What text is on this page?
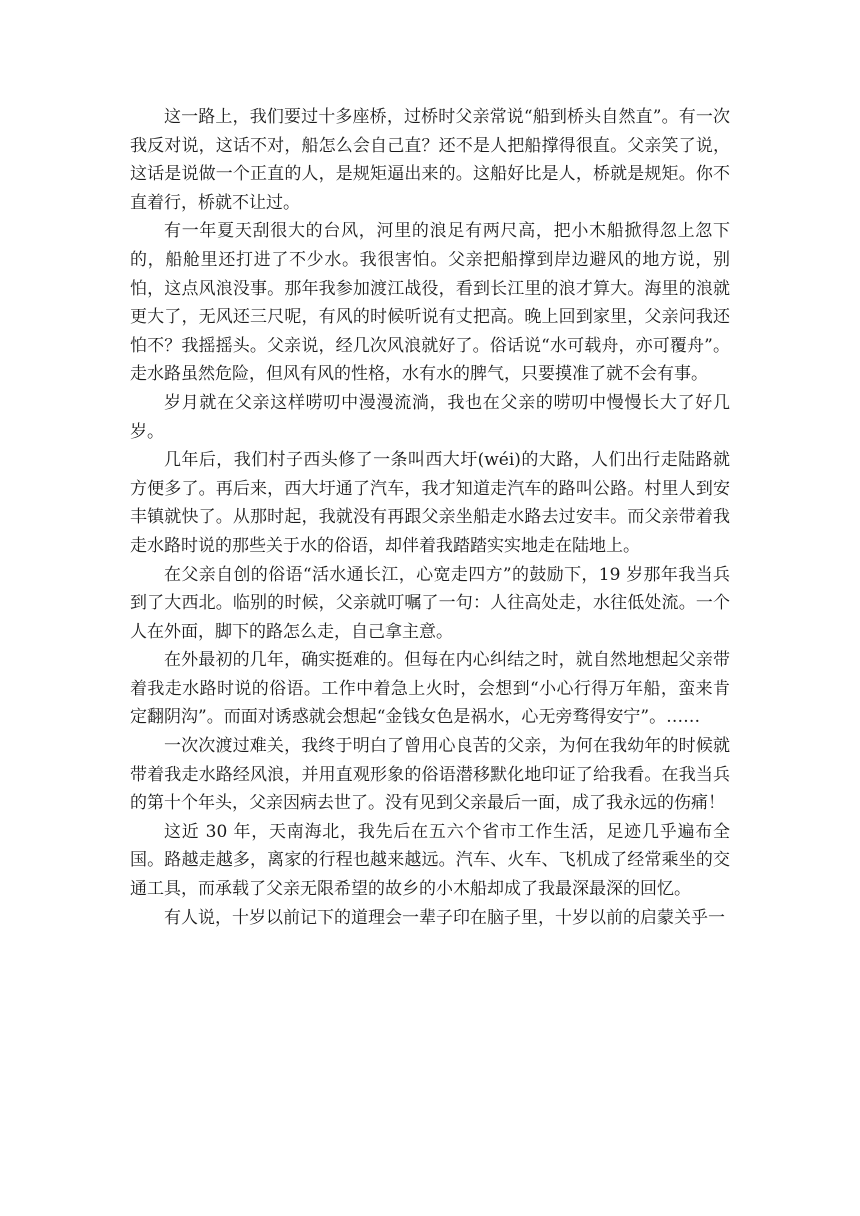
这一路上，我们要过十多座桥，过桥时父亲常说“船到桥头自然直”。有一次我反对说，这话不对，船怎么会自己直？还不是人把船撑得很直。父亲笑了说，这话是说做一个正直的人，是规矩逼出来的。这船好比是人，桥就是规矩。你不直着行，桥就不让过。

有一年夏天刮很大的台风，河里的浪足有两尺高，把小木船掀得忽上忽下的，船舱里还打进了不少水。我很害怕。父亲把船撑到岸边避风的地方说，别怕，这点风浪没事。那年我参加渡江战役，看到长江里的浪才算大。海里的浪就更大了，无风还三尺呢，有风的时候听说有丈把高。晚上回到家里，父亲问我还怕不？我摇摇头。父亲说，经几次风浪就好了。俗话说“水可载舟，亦可覆舟”。走水路虽然危险，但风有风的性格，水有水的脾气，只要摸准了就不会有事。

岁月就在父亲这样唠叨中漫漫流淌，我也在父亲的唠叨中慢慢长大了好几岁。

几年后，我们村子西头修了一条叫西大圩(wéi)的大路，人们出行走陆路就方便多了。再后来，西大圩通了汽车，我才知道走汽车的路叫公路。村里人到安丰镇就快了。从那时起，我就没有再跟父亲坐船走水路去过安丰。而父亲带着我走水路时说的那些关于水的俗语，却伴着我踏踏实实地走在陆地上。

在父亲自创的俗语“活水通长江，心宽走四方”的鼓励下，19 岁那年我当兵到了大西北。临别的时候，父亲就叮嘱了一句：人往高处走，水往低处流。一个人在外面，脚下的路怎么走，自己拿主意。

在外最初的几年，确实挺难的。但每在内心纠结之时，就自然地想起父亲带着我走水路时说的俗语。工作中着急上火时，会想到“小心行得万年船，蛮来肯定翻阴沟”。而面对诱惑就会想起“金钱女色是祸水，心无旁骛得安宁”。……

一次次渡过难关，我终于明白了曾用心良苦的父亲，为何在我幼年的时候就带着我走水路经风浪，并用直观形象的俗语潜移默化地印证了给我看。在我当兵的第十个年头，父亲因病去世了。没有见到父亲最后一面，成了我永远的伤痛！

这近 30 年，天南海北，我先后在五六个省市工作生活，足迹几乎遍布全国。路越走越多，离家的行程也越来越远。汽车、火车、飞机成了经常乘坐的交通工具，而承载了父亲无限希望的故乡的小木船却成了我最深最深的回忆。

有人说，十岁以前记下的道理会一辈子印在脑子里，十岁以前的启蒙关乎一
